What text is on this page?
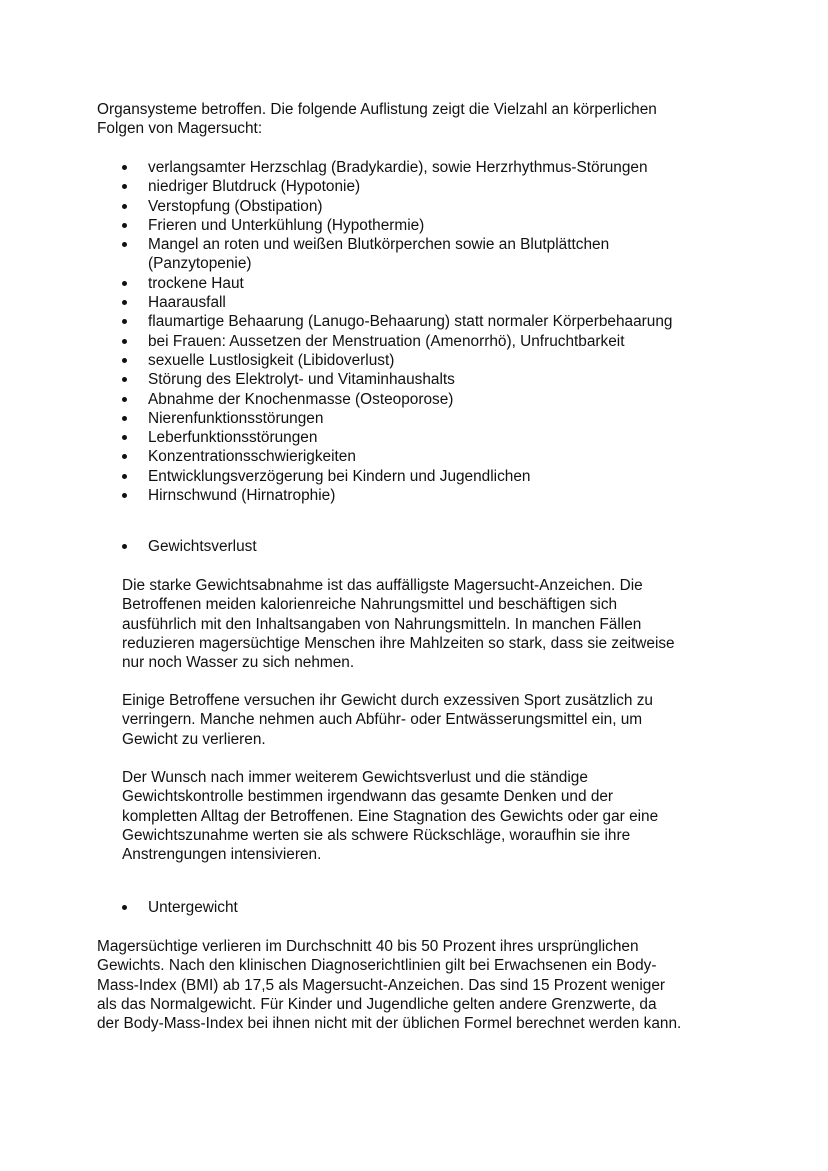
Organsysteme betroffen. Die folgende Auflistung zeigt die Vielzahl an körperlichen

Folgen von Magersucht:

verlangsamter Herzschlag (Bradykardie), sowie Herzrhythmus-Störungen
niedriger Blutdruck (Hypotonie)
Verstopfung (Obstipation)
Frieren und Unterkühlung (Hypothermie)
Mangel an roten und weißen Blutkörperchen sowie an Blutplättchen
(Panzytopenie)
trockene Haut
Haarausfall
flaumartige Behaarung (Lanugo-Behaarung) statt normaler Körperbehaarung
bei Frauen: Aussetzen der Menstruation (Amenorrhö), Unfruchtbarkeit
sexuelle Lustlosigkeit (Libidoverlust)
Störung des Elektrolyt- und Vitaminhaushalts
Abnahme der Knochenmasse (Osteoporose)
Nierenfunktionsstörungen
Leberfunktionsstörungen
Konzentrationsschwierigkeiten
Entwicklungsverzögerung bei Kindern und Jugendlichen
Hirnschwund (Hirnatrophie)
Gewichtsverlust
Die starke Gewichtsabnahme ist das auffälligste Magersucht-Anzeichen. Die
Betroffenen meiden kalorienreiche Nahrungsmittel und beschäftigen sich
ausführlich mit den Inhaltsangaben von Nahrungsmitteln. In manchen Fällen
reduzieren magersüchtige Menschen ihre Mahlzeiten so stark, dass sie zeitweise
nur noch Wasser zu sich nehmen.
Einige Betroffene versuchen ihr Gewicht durch exzessiven Sport zusätzlich zu
verringern. Manche nehmen auch Abführ- oder Entwässerungsmittel ein, um
Gewicht zu verlieren.
Der Wunsch nach immer weiterem Gewichtsverlust und die ständige
Gewichtskontrolle bestimmen irgendwann das gesamte Denken und der
kompletten Alltag der Betroffenen. Eine Stagnation des Gewichts oder gar eine
Gewichtszunahme werten sie als schwere Rückschläge, woraufhin sie ihre
Anstrengungen intensivieren.
Untergewicht
Magersüchtige verlieren im Durchschnitt 40 bis 50 Prozent ihres ursprünglichen
Gewichts. Nach den klinischen Diagnoserichtlinien gilt bei Erwachsenen ein Body-
Mass-Index (BMI) ab 17,5 als Magersucht-Anzeichen. Das sind 15 Prozent weniger
als das Normalgewicht. Für Kinder und Jugendliche gelten andere Grenzwerte, da
der Body-Mass-Index bei ihnen nicht mit der üblichen Formel berechnet werden kann.
